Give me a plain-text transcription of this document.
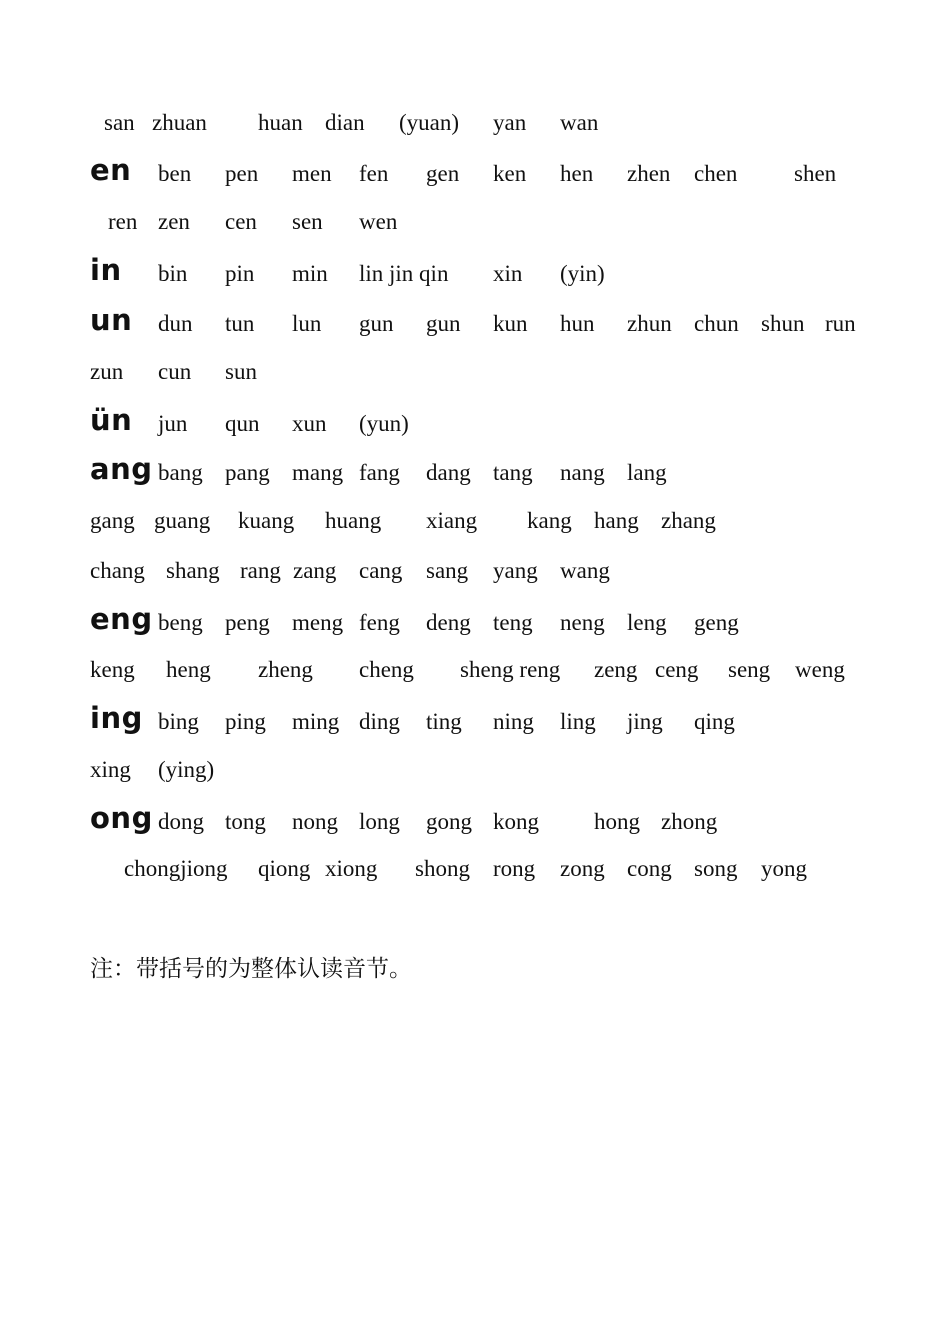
san zhuan huan dian (yuan) yan wan
en ben pen men fen gen ken hen zhen chen shen
ren zen cen sen wen
in bin pin min lin jin qin xin (yin)
un dun tun lun gun gun kun hun zhun chun shun run
zun cun sun
ün jun qun xun (yun)
ang bang pang mang fang dang tang nang lang
gang guang kuang huang xiang kang hang zhang
chang shang rang zang cang sang yang wang
eng beng peng meng feng deng teng neng leng geng
keng heng zheng cheng sheng reng zeng ceng seng weng
ing bing ping ming ding ting ning ling jing qing
xing (ying)
ong dong tong nong long gong kong hong zhong
chongjiong qiong xiong shong rong zong cong song yong
注：带括号的为整体认读音节。
